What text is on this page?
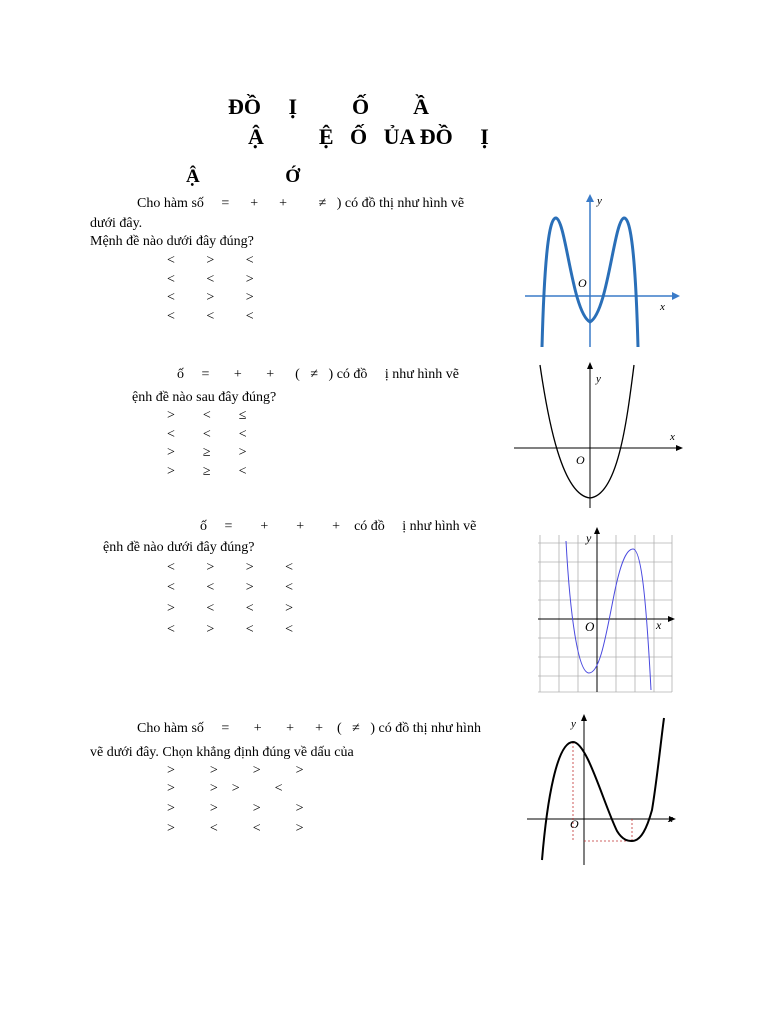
ĐỒ     Ị          Ố        Ầ
Ậ          Ệ   Ố   ỦA ĐỒ     Ị
Ậ                  Ớ
Cho hàm số     =      +      +         ≠   ) có đồ thị như hình vẽ
dưới đây.
Mệnh đề nào dưới đây đúng?
<         >         <
<         <         >
<         >         >
<         <         <
y
x
O
ố     =       +       +      (   ≠   ) có đồ     ị như hình vẽ
ệnh đề nào sau đây đúng?
>        <        ≤
<        <        <
>        ≥        >
>        ≥        <
y
x
O
ố     =        +        +        +    có đồ     ị như hình vẽ
ệnh đề nào dưới đây đúng?
<         >         >         <
<         <         >         <
>         <         <         >
<         >         <         <
y
x
O
Cho hàm số     =       +       +      +    (   ≠   ) có đồ thị như hình
vẽ dưới đây. Chọn khẳng định đúng về dấu của
>          >          >          >
>          >    >          <
>          >          >          >
>          <          <          >
y
x
O
